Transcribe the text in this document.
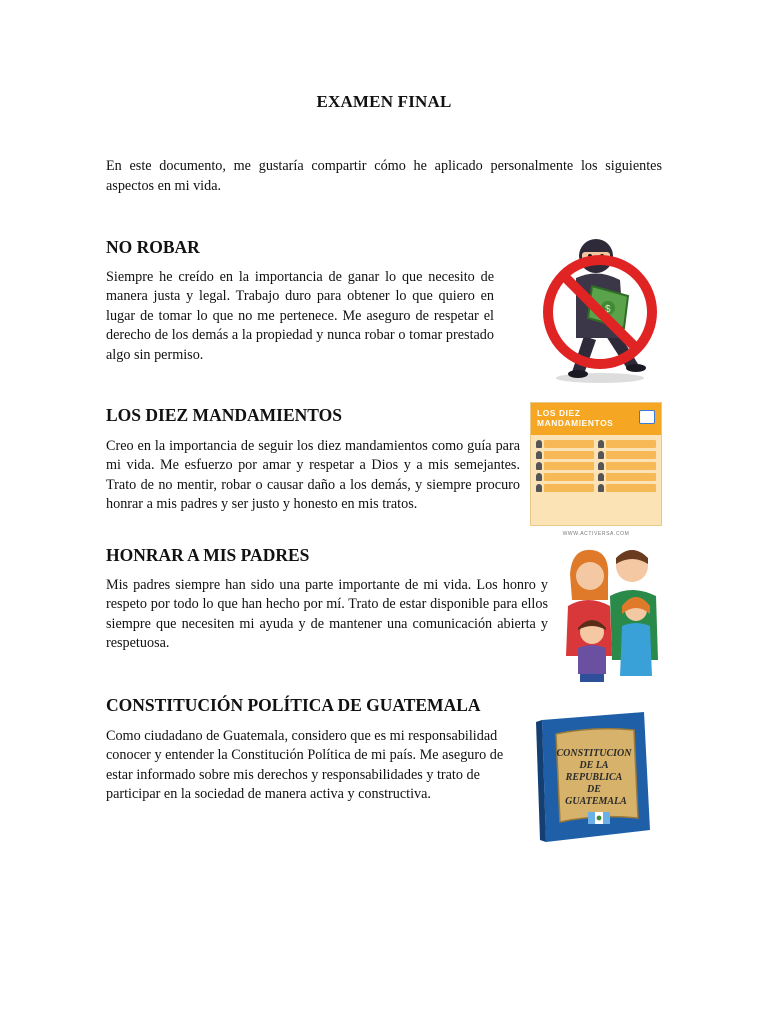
EXAMEN FINAL

En este documento, me gustaría compartir cómo he aplicado personalmente los siguientes aspectos en mi vida.

NO ROBAR

Siempre he creído en la importancia de ganar lo que necesito de manera justa y legal. Trabajo duro para obtener lo que quiero en lugar de tomar lo que no me pertenece. Me aseguro de respetar el derecho de los demás a la propiedad y nunca robar o tomar prestado algo sin permiso.

$
LOS DIEZ MANDAMIENTOS

Creo en la importancia de seguir los diez mandamientos como guía para mi vida. Me esfuerzo por amar y respetar a Dios y a mis semejantes. Trato de no mentir, robar o causar daño a los demás, y siempre procuro honrar a mis padres y ser justo y honesto en mis tratos.

LOS DIEZ
MANDAMIENTOS
WWW.ACTIVERSA.COM
HONRAR A MIS PADRES

Mis padres siempre han sido una parte importante de mi vida. Los honro y respeto por todo lo que han hecho por mí. Trato de estar disponible para ellos siempre que necesiten mi ayuda y de mantener una comunicación abierta y respetuosa.

CONSTITUCIÓN POLÍTICA DE GUATEMALA

Como ciudadano de Guatemala, considero que es mi responsabilidad conocer y entender la Constitución Política de mi país. Me aseguro de estar informado sobre mis derechos y responsabilidades y trato de participar en la sociedad de manera activa y constructiva.

CONSTITUCION DE LA REPUBLICA DE GUATEMALA
